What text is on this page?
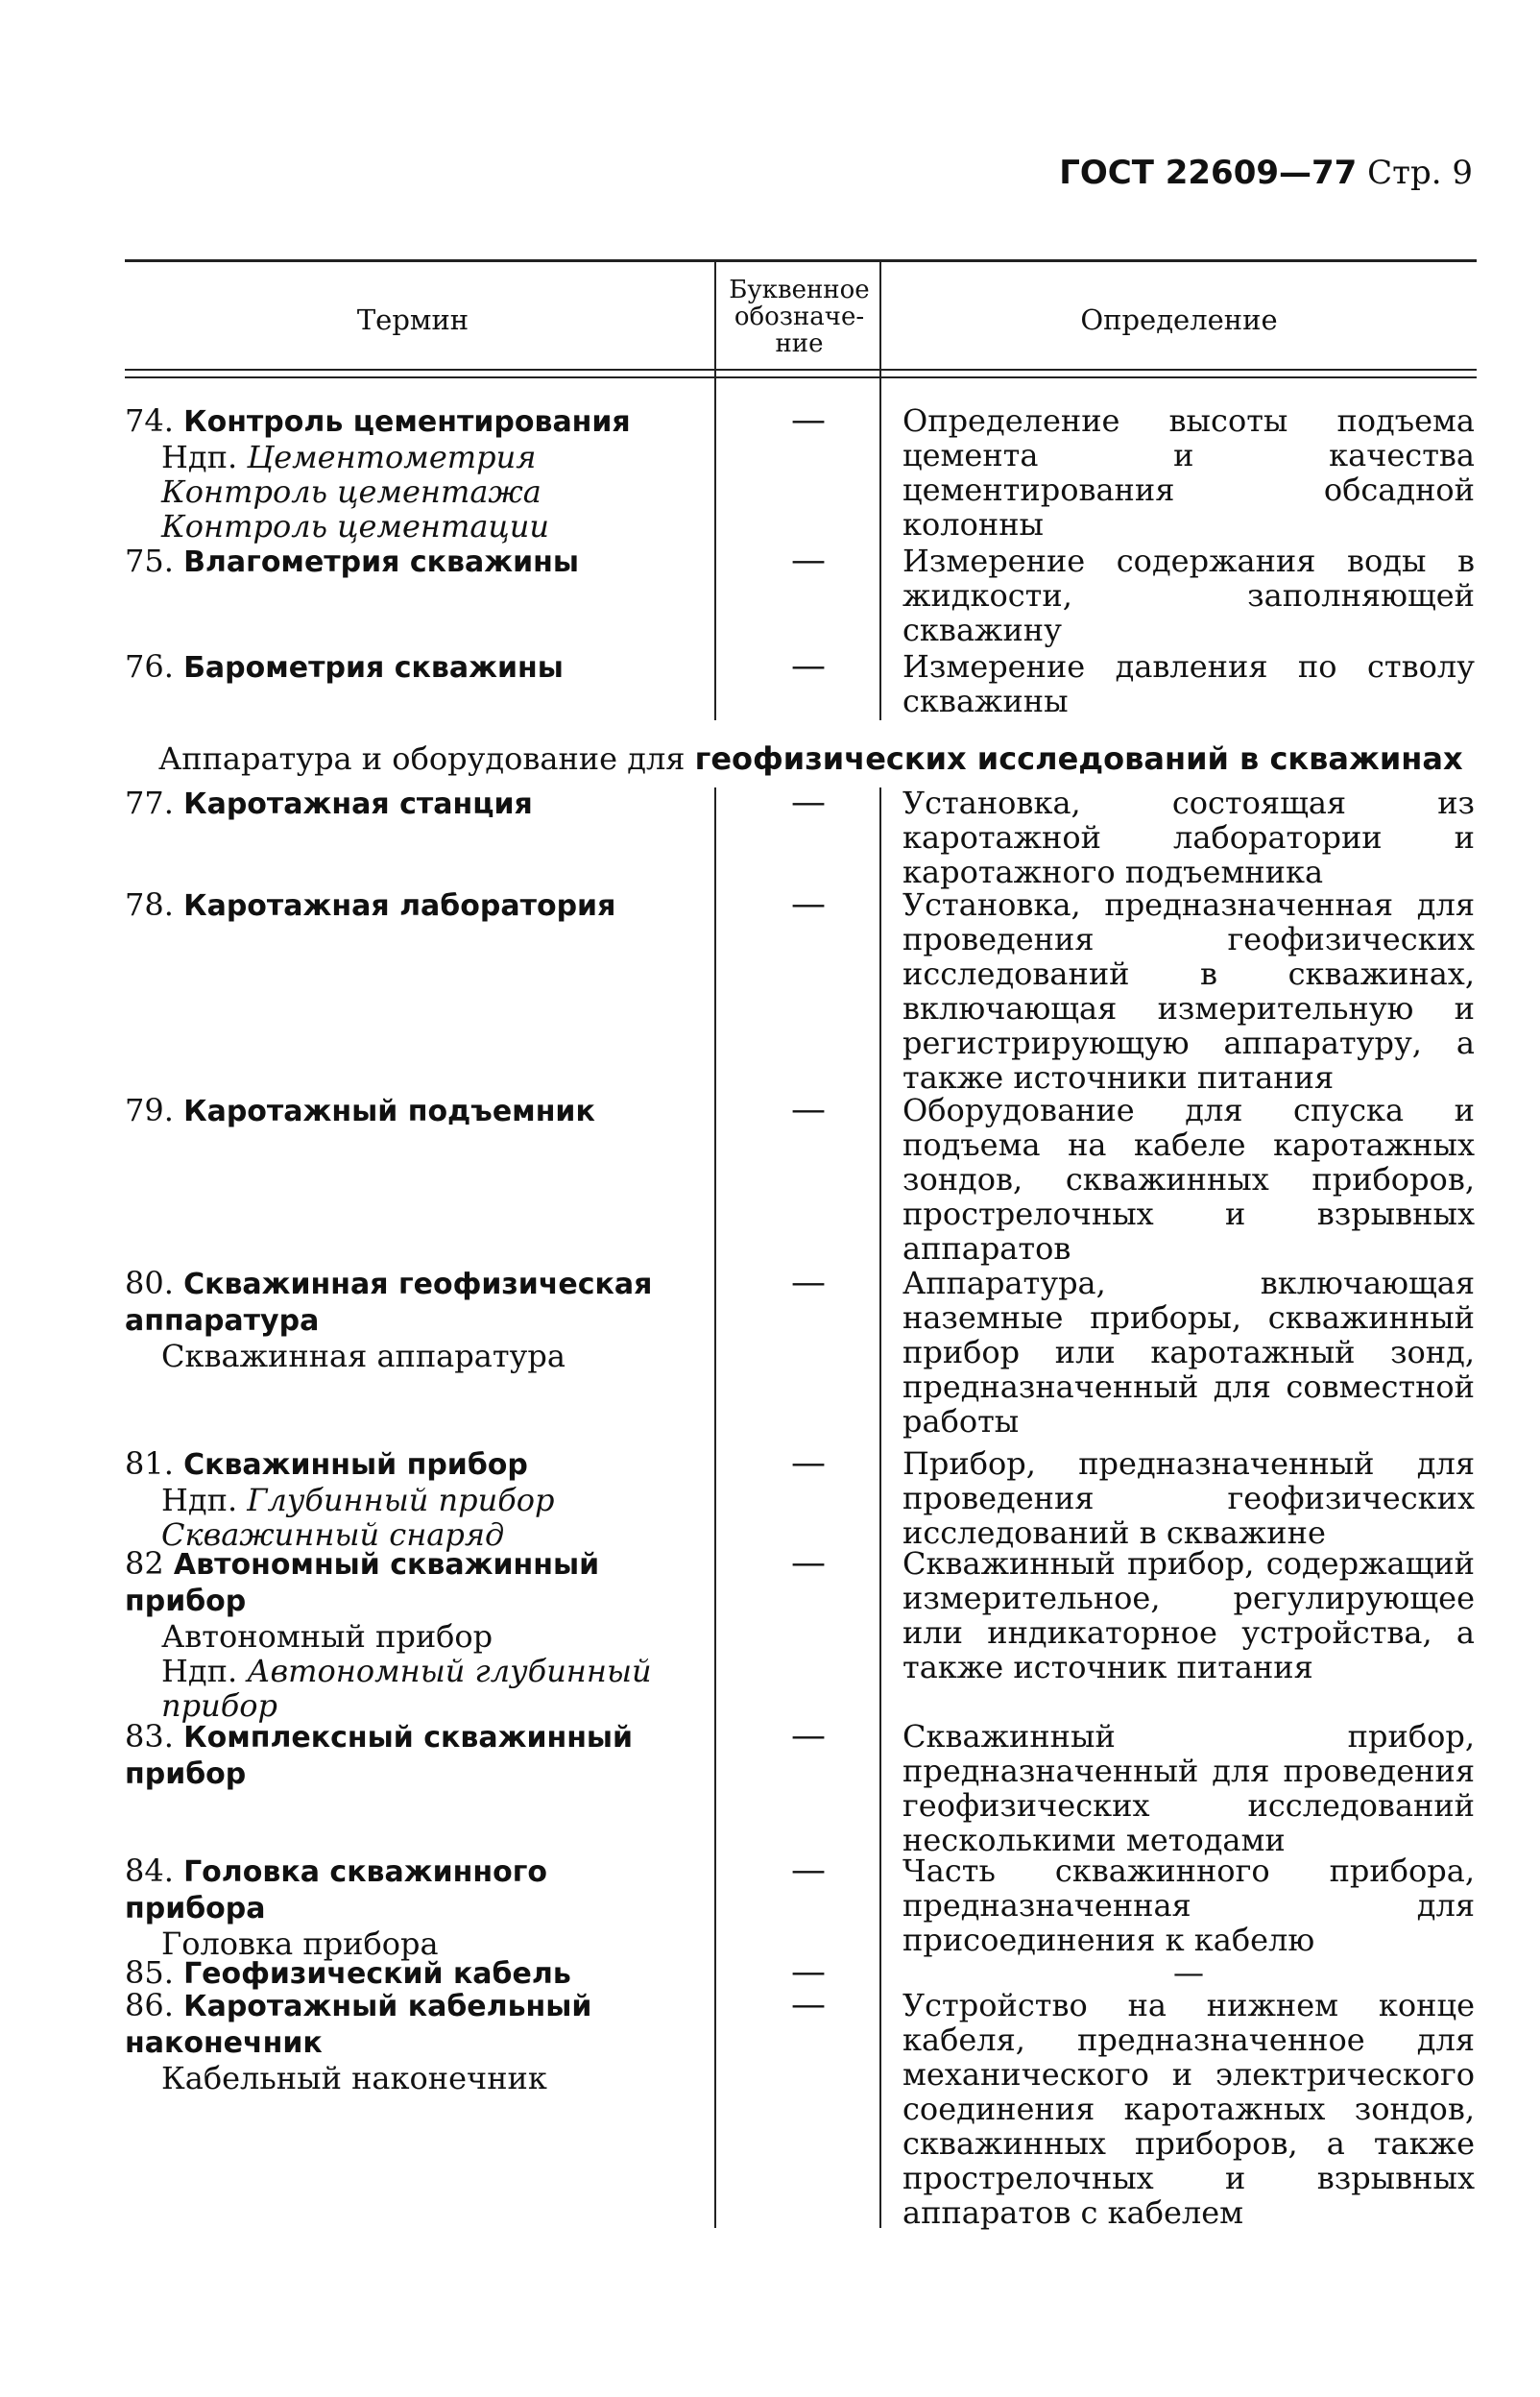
ГОСТ 22609—77 Стр. 9
Термин
Буквенное обозначение
Определение
Аппаратура и оборудование для геофизических исследований в скважинах
74. Контроль цементирования
Ндп. Цементометрия
Контроль цементажа
Контроль цементации
—	Определение высоты подъема цемента и качества цементирования обсадной колонны
75. Влагометрия скважины	—	Измерение содержания воды в жидкости, заполняющей скважину
76. Барометрия скважины	—	Измерение давления по стволу скважины
77. Каротажная станция	—	Установка, состоящая из каротажной лаборатории и каротажного подъемника
78. Каротажная лаборатория	—	Установка, предназначенная для проведения геофизических исследований в скважинах, включающая измерительную и регистрирующую аппаратуру, а также источники питания
79. Каротажный подъемник	—	Оборудование для спуска и подъема на кабеле каротажных зондов, скважинных приборов, прострелочных и взрывных аппаратов
80. Скважинная геофизическая аппаратура
Скважинная аппаратура
—	Аппаратура, включающая наземные приборы, скважинный прибор или каротажный зонд, предназначенный для совместной работы
81. Скважинный прибор
Ндп. Глубинный прибор
Скважинный снаряд
—	Прибор, предназначенный для проведения геофизических исследований в скважине
82 Автономный скважинный прибор
Автономный прибор
Ндп. Автономный глубинный прибор
—	Скважинный прибор, содержащий измерительное, регулирующее или индикаторное устройства, а также источник питания
83. Комплексный скважинный прибор
—	Скважинный прибор, предназначенный для проведения геофизических исследований несколькими методами
84. Головка скважинного прибора
Головка прибора
—	Часть скважинного прибора, предназначенная для присоединения к кабелю
85. Геофизический кабель	—	—
86. Каротажный кабельный наконечник
Кабельный наконечник
—	Устройство на нижнем конце кабеля, предназначенное для механического и электрического соединения каротажных зондов, скважинных приборов, а также прострелочных и взрывных аппаратов с кабелем
